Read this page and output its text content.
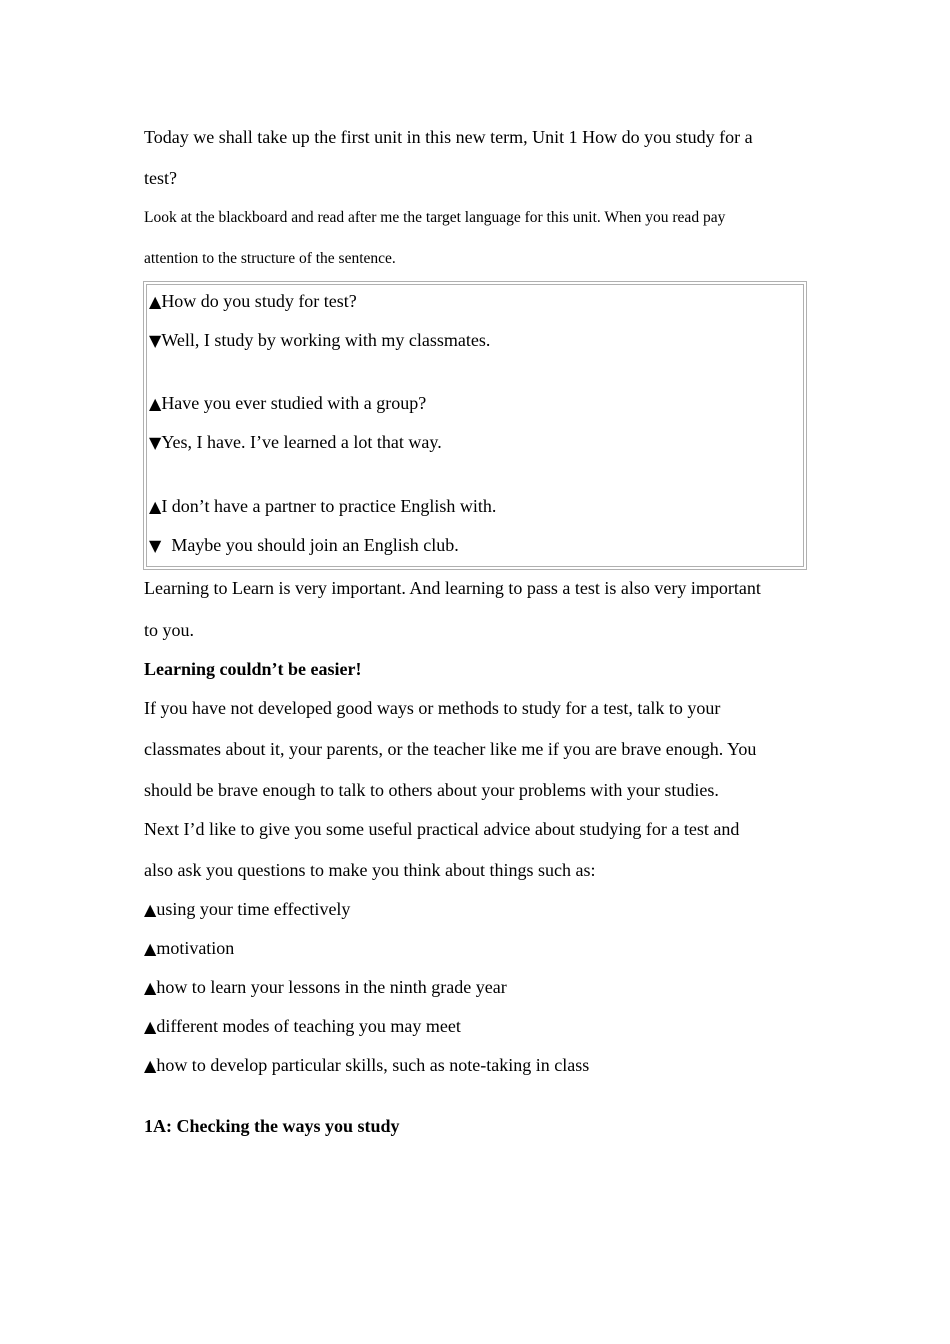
Today we shall take up the first unit in this new term, Unit 1 How do you study for a
test?
Look at the blackboard and read after me the target language for this unit. When you read pay
attention to the structure of the sentence.
▲How do you study for test?
▼Well, I study by working with my classmates.
▲Have you ever studied with a group?
▼Yes, I have. I’ve learned a lot that way.
▲I don’t have a partner to practice English with.
▼ Maybe you should join an English club.
Learning to Learn is very important. And learning to pass a test is also very important
to you.
Learning couldn’t be easier!
If you have not developed good ways or methods to study for a test, talk to your
classmates about it, your parents, or the teacher like me if you are brave enough. You
should be brave enough to talk to others about your problems with your studies.
Next I’d like to give you some useful practical advice about studying for a test and
also ask you questions to make you think about things such as:
▲using your time effectively
▲motivation
▲how to learn your lessons in the ninth grade year
▲different modes of teaching you may meet
▲how to develop particular skills, such as note-taking in class
1A: Checking the ways you study
